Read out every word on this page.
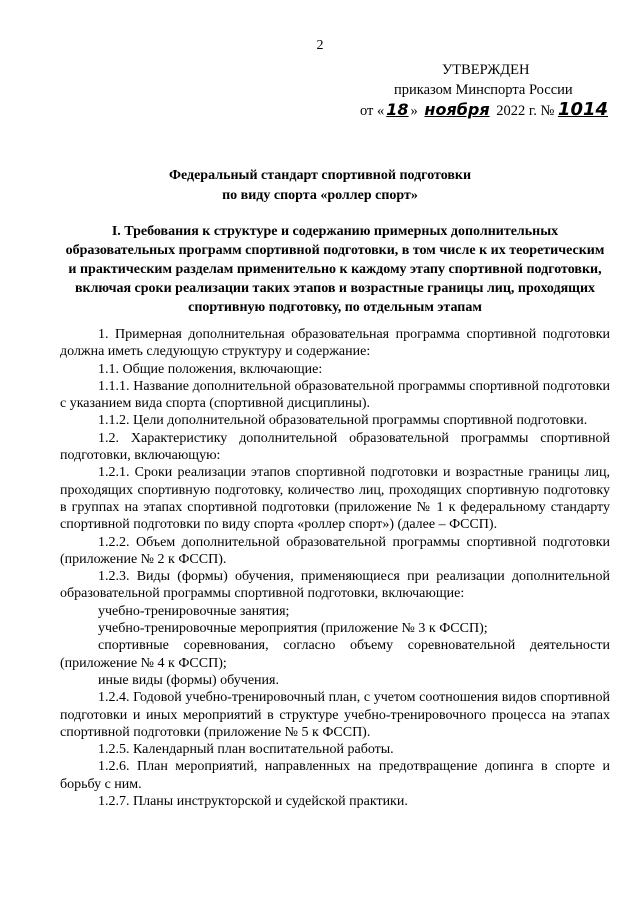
2
УТВЕРЖДЕН
приказом Минспорта России
от « 18 » ноября 2022 г. № 1014
Федеральный стандарт спортивной подготовки
по виду спорта «роллер спорт»
I. Требования к структуре и содержанию примерных дополнительных образовательных программ спортивной подготовки, в том числе к их теоретическим и практическим разделам применительно к каждому этапу спортивной подготовки, включая сроки реализации таких этапов и возрастные границы лиц, проходящих спортивную подготовку, по отдельным этапам

1. Примерная дополнительная образовательная программа спортивной подготовки должна иметь следующую структуру и содержание:

1.1. Общие положения, включающие:

1.1.1. Название дополнительной образовательной программы спортивной подготовки с указанием вида спорта (спортивной дисциплины).

1.1.2. Цели дополнительной образовательной программы спортивной подготовки.

1.2. Характеристику дополнительной образовательной программы спортивной подготовки, включающую:

1.2.1. Сроки реализации этапов спортивной подготовки и возрастные границы лиц, проходящих спортивную подготовку, количество лиц, проходящих спортивную подготовку в группах на этапах спортивной подготовки (приложение № 1 к федеральному стандарту спортивной подготовки по виду спорта «роллер спорт») (далее – ФССП).

1.2.2. Объем дополнительной образовательной программы спортивной подготовки (приложение № 2 к ФССП).

1.2.3. Виды (формы) обучения, применяющиеся при реализации дополнительной образовательной программы спортивной подготовки, включающие:

учебно-тренировочные занятия;

учебно-тренировочные мероприятия (приложение № 3 к ФССП);

спортивные соревнования, согласно объему соревновательной деятельности (приложение № 4 к ФССП);

иные виды (формы) обучения.

1.2.4. Годовой учебно-тренировочный план, с учетом соотношения видов спортивной подготовки и иных мероприятий в структуре учебно-тренировочного процесса на этапах спортивной подготовки (приложение № 5 к ФССП).

1.2.5. Календарный план воспитательной работы.

1.2.6. План мероприятий, направленных на предотвращение допинга в спорте и борьбу с ним.

1.2.7. Планы инструкторской и судейской практики.
